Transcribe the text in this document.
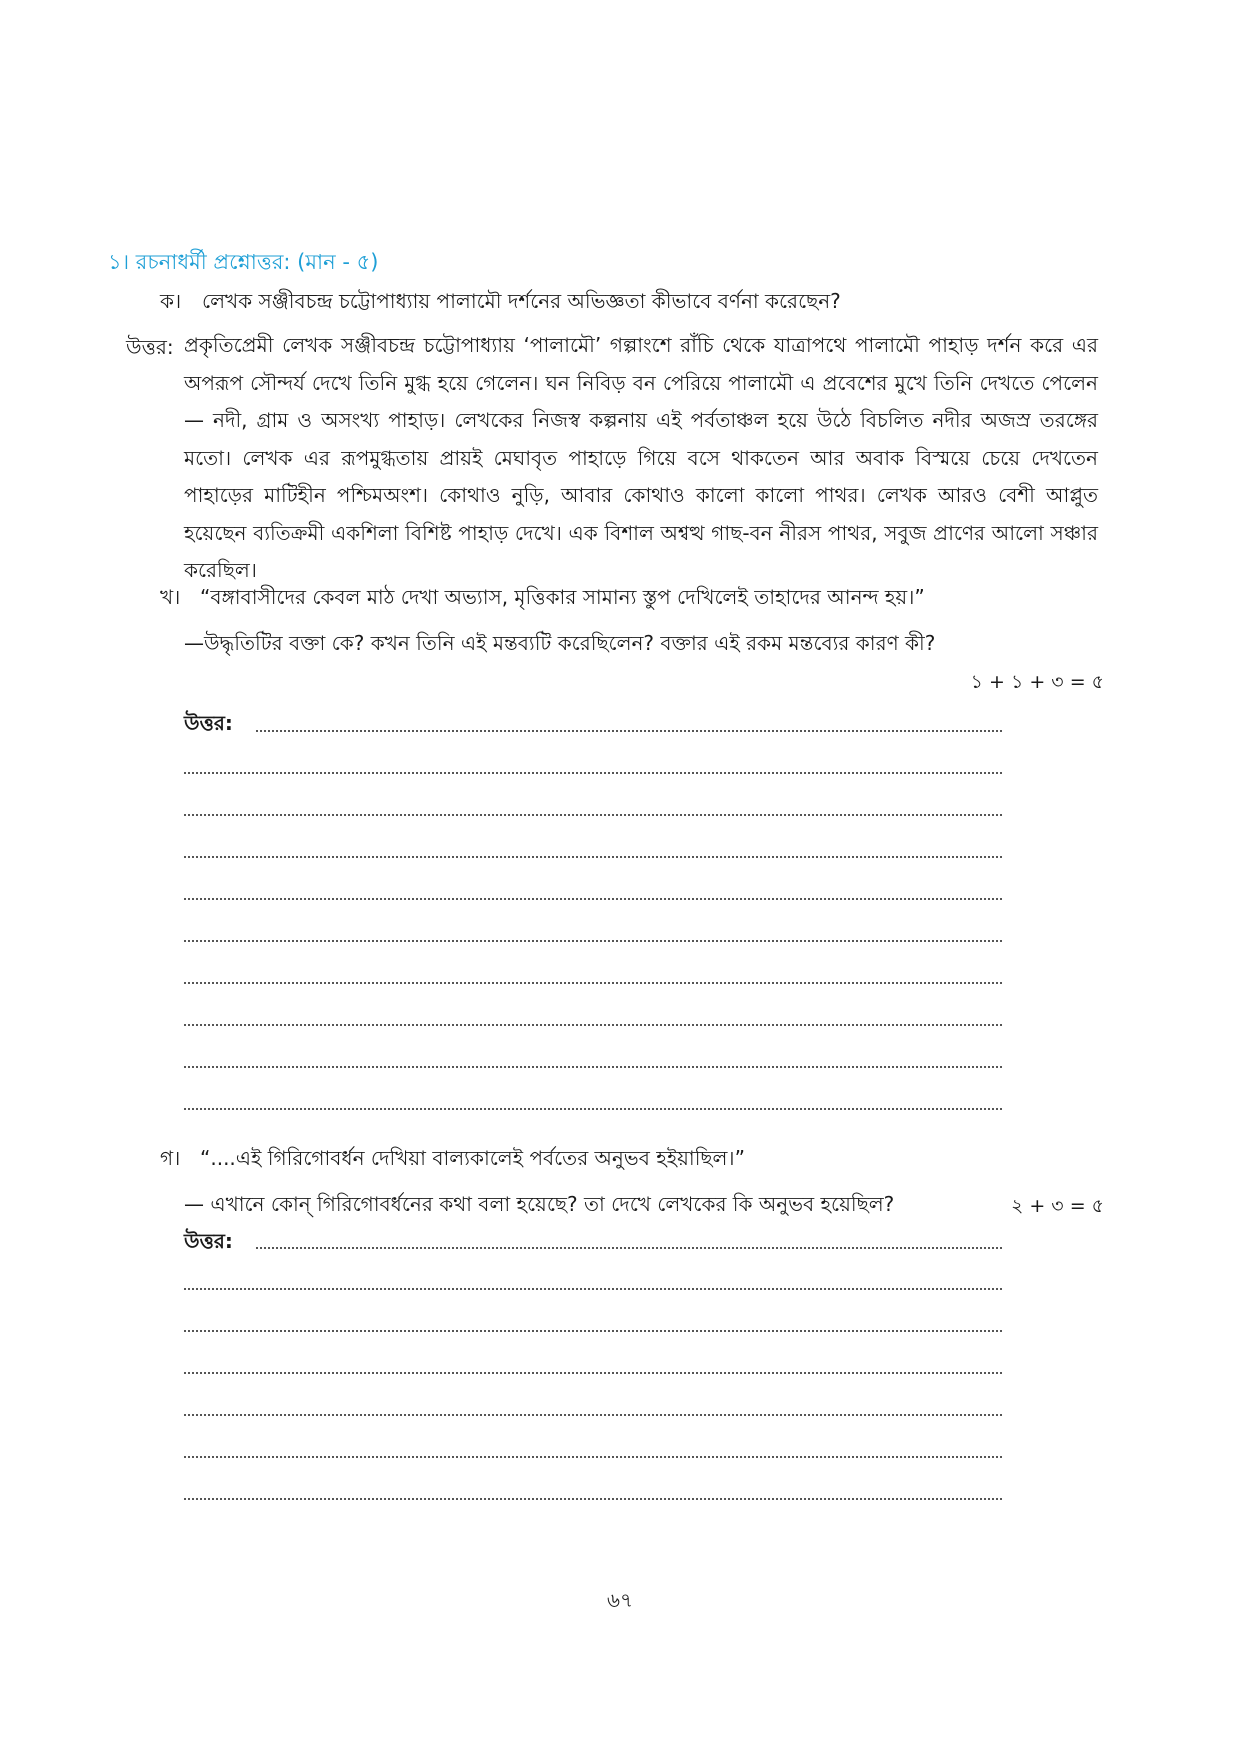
১। রচনাধর্মী প্রশ্নোত্তর: (মান - ৫)
ক। লেখক সঞ্জীবচন্দ্র চট্টোপাধ্যায় পালামৌ দর্শনের অভিজ্ঞতা কীভাবে বর্ণনা করেছেন?
উত্তর: প্রকৃতিপ্রেমী লেখক সঞ্জীবচন্দ্র চট্টোপাধ্যায় ‘পালামৌ’ গল্পাংশে রাঁচি থেকে যাত্রাপথে পালামৌ পাহাড় দর্শন করে এর অপরূপ সৌন্দর্য দেখে তিনি মুগ্ধ হয়ে গেলেন। ঘন নিবিড় বন পেরিয়ে পালামৌ এ প্রবেশের মুখে তিনি দেখতে পেলেন— নদী, গ্রাম ও অসংখ্য পাহাড়। লেখকের নিজস্ব কল্পনায় এই পর্বতাঞ্চল হয়ে উঠে বিচলিত নদীর অজস্র তরঙ্গের মতো। লেখক এর রূপমুগ্ধতায় প্রায়ই মেঘাবৃত পাহাড়ে গিয়ে বসে থাকতেন আর অবাক বিস্ময়ে চেয়ে দেখতেন পাহাড়ের মাটিহীন পশ্চিমঅংশ। কোথাও নুড়ি, আবার কোথাও কালো কালো পাথর। লেখক আরও বেশী আপ্লুত হয়েছেন ব্যতিক্রমী একশিলা বিশিষ্ট পাহাড় দেখে। এক বিশাল অশ্বত্থ গাছ-বন নীরস পাথর, সবুজ প্রাণের আলো সঞ্চার করেছিল।
খ। “বঙ্গাবাসীদের কেবল মাঠ দেখা অভ্যাস, মৃত্তিকার সামান্য স্তুপ দেখিলেই তাহাদের আনন্দ হয়।”
—উদ্ধৃতিটির বক্তা কে? কখন তিনি এই মন্তব্যটি করেছিলেন? বক্তার এই রকম মন্তব্যের কারণ কী?
১ + ১ + ৩ = ৫
উত্তর:
গ। “....এই গিরিগোবর্ধন দেখিয়া বাল্যকালেই পর্বতের অনুভব হইয়াছিল।”
— এখানে কোন্ গিরিগোবর্ধনের কথা বলা হয়েছে? তা দেখে লেখকের কি অনুভব হয়েছিল?	২ + ৩ = ৫
উত্তর:
৬৭
